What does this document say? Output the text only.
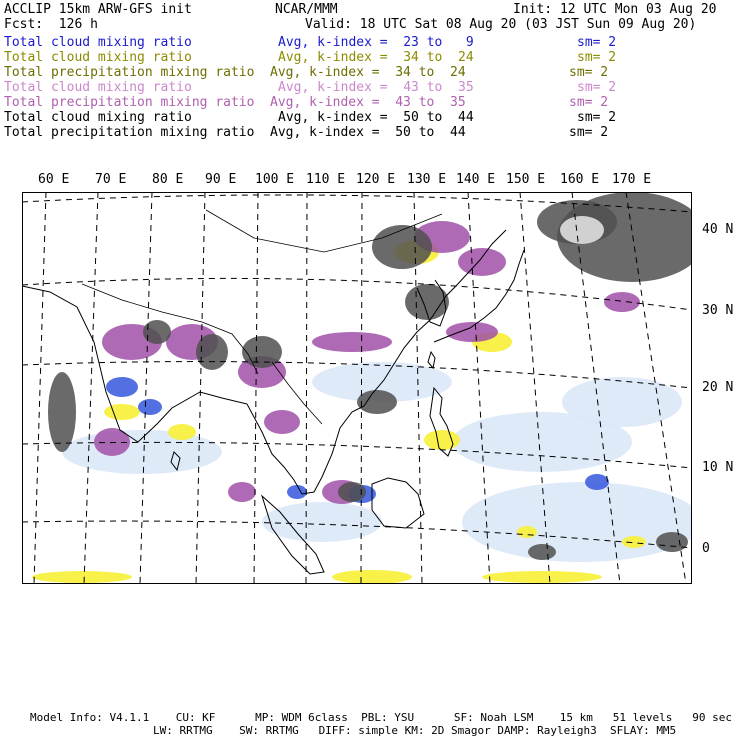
ACCLIP 15km ARW-GFS init	NCAR/MMM	Init: 12 UTC Mon 03 Aug 20
Fcst:  126 h	Valid: 18 UTC Sat 08 Aug 20 (03 JST Sun 09 Aug 20)
Total cloud mixing ratio	Avg, k-index =  23 to   9	sm= 2
Total cloud mixing ratio	Avg, k-index =  34 to  24	sm= 2
Total precipitation mixing ratio Avg, k-index =  34 to  24	sm= 2
Total cloud mixing ratio	Avg, k-index =  43 to  35	sm= 2
Total precipitation mixing ratio Avg, k-index =  43 to  35	sm= 2
Total cloud mixing ratio	Avg, k-index =  50 to  44	sm= 2
Total precipitation mixing ratio Avg, k-index =  50 to  44	sm= 2
60 E 70 E 80 E 90 E 100 E 110 E 120 E 130 E 140 E 150 E 160 E 170 E
40 N
30 N
20 N
10 N
0
Model Info: V4.1.1    CU: KF      MP: WDM 6class  PBL: YSU      SF: Noah LSM    15 km   51 levels   90 sec
LW: RRTMG    SW: RRTMG   DIFF: simple KM: 2D Smagor DAMP: Rayleigh3  SFLAY: MM5
